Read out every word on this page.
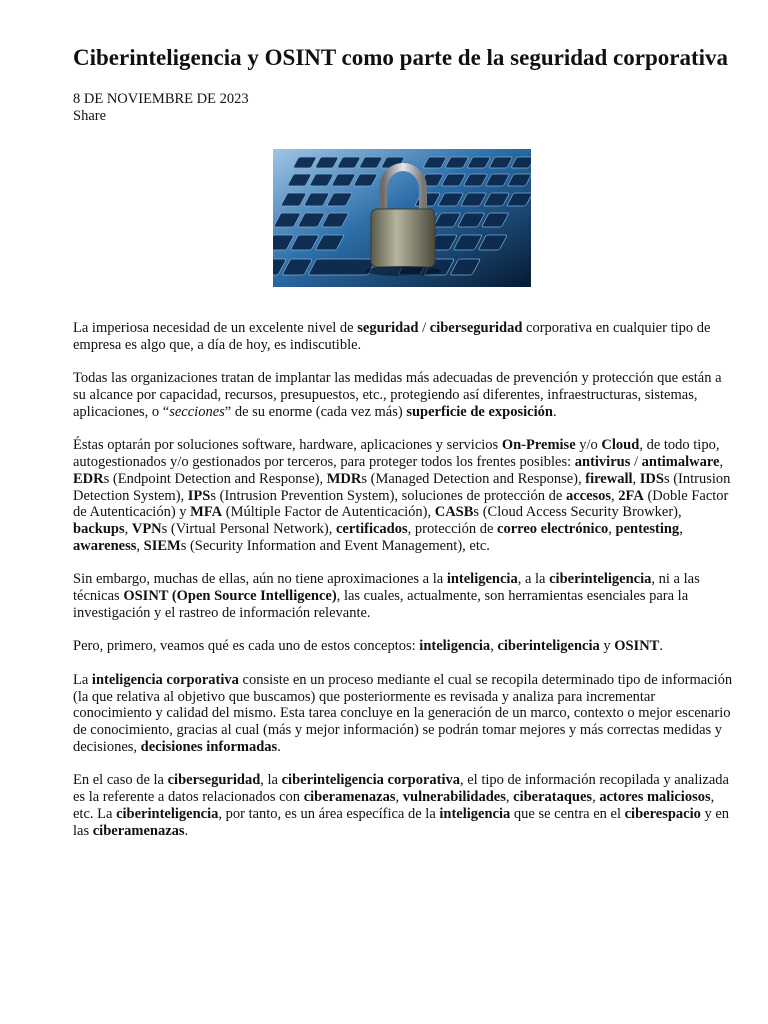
Ciberinteligencia y OSINT como parte de la seguridad corporativa
8 DE NOVIEMBRE DE 2023
Share

La imperiosa necesidad de un excelente nivel de seguridad / ciberseguridad corporativa en cualquier tipo de empresa es algo que, a día de hoy, es indiscutible.

Todas las organizaciones tratan de implantar las medidas más adecuadas de prevención y protección que están a su alcance por capacidad, recursos, presupuestos, etc., protegiendo así diferentes, infraestructuras, sistemas, aplicaciones, o “secciones” de su enorme (cada vez más) superficie de exposición.

Éstas optarán por soluciones software, hardware, aplicaciones y servicios On-Premise y/o Cloud, de todo tipo, autogestionados y/o gestionados por terceros, para proteger todos los frentes posibles: antivirus / antimalware, EDRs (Endpoint Detection and Response), MDRs (Managed Detection and Response), firewall, IDSs (Intrusion Detection System), IPSs (Intrusion Prevention System), soluciones de protección de accesos, 2FA (Doble Factor de Autenticación) y MFA (Múltiple Factor de Autenticación), CASBs (Cloud Access Security Browker), backups, VPNs (Virtual Personal Network), certificados, protección de correo electrónico, pentesting, awareness, SIEMs (Security Information and Event Management), etc.

Sin embargo, muchas de ellas, aún no tiene aproximaciones a la inteligencia, a la ciberinteligencia, ni a las técnicas OSINT (Open Source Intelligence), las cuales, actualmente, son herramientas esenciales para la investigación y el rastreo de información relevante.

Pero, primero, veamos qué es cada uno de estos conceptos: inteligencia, ciberinteligencia y OSINT.

La inteligencia corporativa consiste en un proceso mediante el cual se recopila determinado tipo de información (la que relativa al objetivo que buscamos) que posteriormente es revisada y analiza para incrementar conocimiento y calidad del mismo. Esta tarea concluye en la generación de un marco, contexto o mejor escenario de conocimiento, gracias al cual (más y mejor información) se podrán tomar mejores y más correctas medidas y decisiones, decisiones informadas.

En el caso de la ciberseguridad, la ciberinteligencia corporativa, el tipo de información recopilada y analizada es la referente a datos relacionados con ciberamenazas, vulnerabilidades, ciberataques, actores maliciosos, etc. La ciberinteligencia, por tanto, es un área específica de la inteligencia que se centra en el ciberespacio y en las ciberamenazas.
